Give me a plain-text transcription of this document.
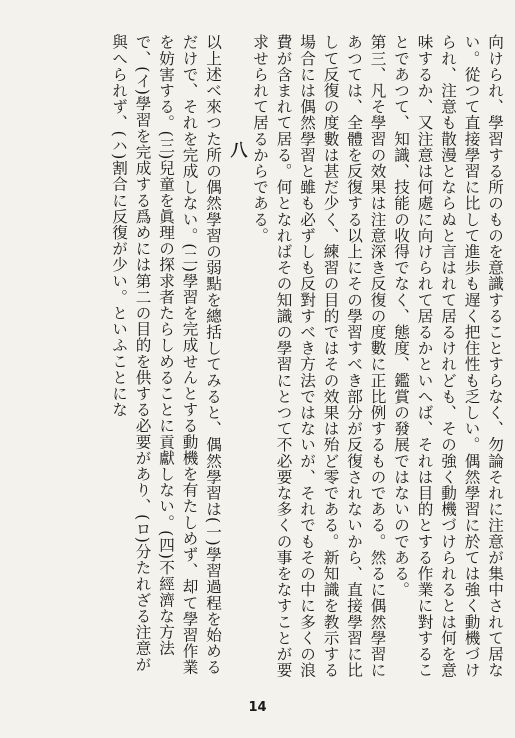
向けられ、學習する所のものを意識することすらなく、勿論それに注意が集中されて居ない。從つて直接學習に比して進歩も遅く把住性も乏しい。偶然學習に於ては強く動機づけられ、注意も散漫とならぬと言はれて居るけれども、その強く動機づけられるとは何を意味するか、又注意は何處に向けられて居るかといへば、それは目的とする作業に對することであつて、知識、技能の收得でなく、態度、鑑賞の發展ではないのである。

第三、凡そ學習の效果は注意深き反復の度數に正比例するものである。然るに偶然學習にあつては、全體を反復する以上にその學習すべき部分が反復されないから、直接學習に比して反復の度數は甚だ少く、練習の目的ではその效果は殆ど零である。新知識を教示する場合には偶然學習と雖も必ずしも反對すべき方法ではないが、それでもその中に多くの浪費が含まれて居る。何となればその知識の學習にとつて不必要な多くの事をなすことが要求せられて居るからである。

八

以上述べ來つた所の偶然學習の弱點を總括してみると、偶然學習は(一)學習過程を始めるだけで、それを完成しない。(二)學習を完成せんとする動機を有たしめず、却て學習作業を妨害する。(三)兒童を眞理の探求者たらしめることに貢獻しない。(四)不經濟な方法で、(イ)學習を完成する爲めには第二の目的を供する必要があり、(ロ)分たれざる注意が與へられず、(ハ)割合に反復が少い。といふことにな

14
